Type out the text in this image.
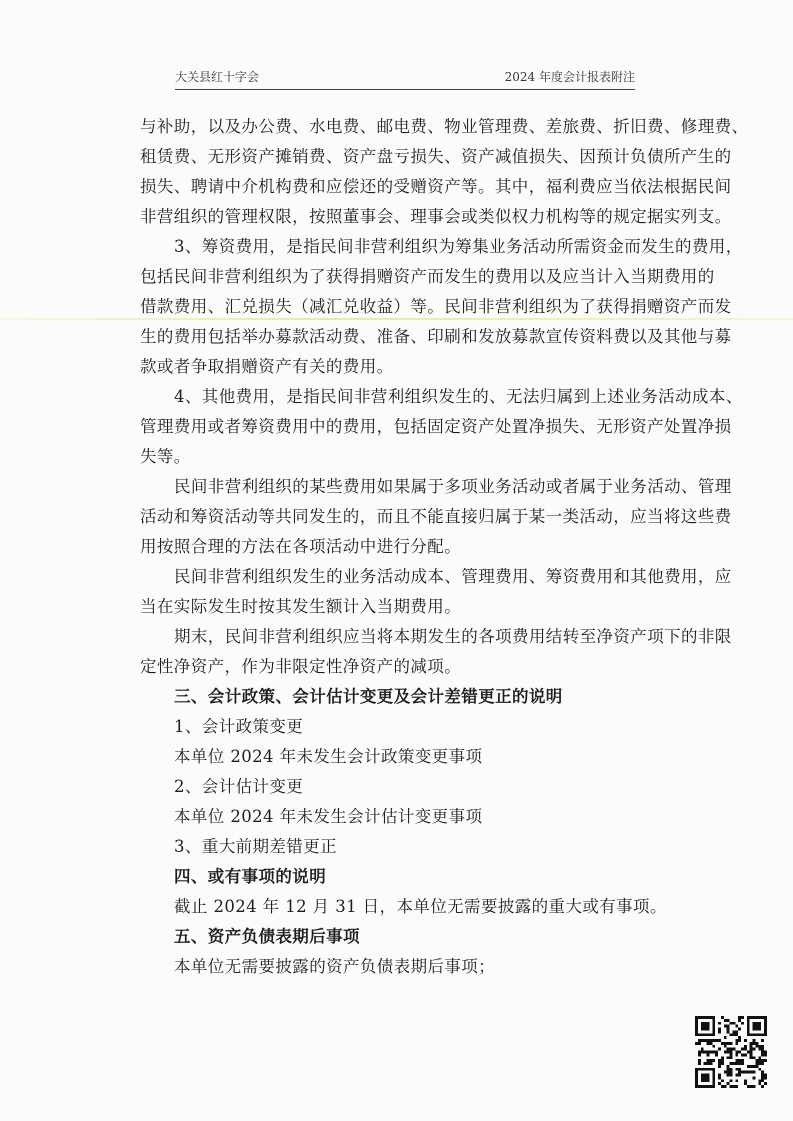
大关县红十字会	2024 年度会计报表附注
与补助，以及办公费、水电费、邮电费、物业管理费、差旅费、折旧费、修理费、
租赁费、无形资产摊销费、资产盘亏损失、资产减值损失、因预计负债所产生的
损失、聘请中介机构费和应偿还的受赠资产等。其中，福利费应当依法根据民间
非营组织的管理权限，按照董事会、理事会或类似权力机构等的规定据实列支。
3、筹资费用，是指民间非营利组织为筹集业务活动所需资金而发生的费用，
包括民间非营利组织为了获得捐赠资产而发生的费用以及应当计入当期费用的
借款费用、汇兑损失（减汇兑收益）等。民间非营利组织为了获得捐赠资产而发
生的费用包括举办募款活动费、准备、印刷和发放募款宣传资料费以及其他与募
款或者争取捐赠资产有关的费用。
4、其他费用，是指民间非营利组织发生的、无法归属到上述业务活动成本、
管理费用或者筹资费用中的费用，包括固定资产处置净损失、无形资产处置净损
失等。
民间非营利组织的某些费用如果属于多项业务活动或者属于业务活动、管理
活动和筹资活动等共同发生的，而且不能直接归属于某一类活动，应当将这些费
用按照合理的方法在各项活动中进行分配。
民间非营利组织发生的业务活动成本、管理费用、筹资费用和其他费用，应
当在实际发生时按其发生额计入当期费用。
期末，民间非营利组织应当将本期发生的各项费用结转至净资产项下的非限
定性净资产，作为非限定性净资产的减项。
三、会计政策、会计估计变更及会计差错更正的说明
1、会计政策变更
本单位 2024 年未发生会计政策变更事项
2、会计估计变更
本单位 2024 年未发生会计估计变更事项
3、重大前期差错更正
四、或有事项的说明
截止 2024 年 12 月 31 日，本单位无需要披露的重大或有事项。
五、资产负债表期后事项
本单位无需要披露的资产负债表期后事项；
